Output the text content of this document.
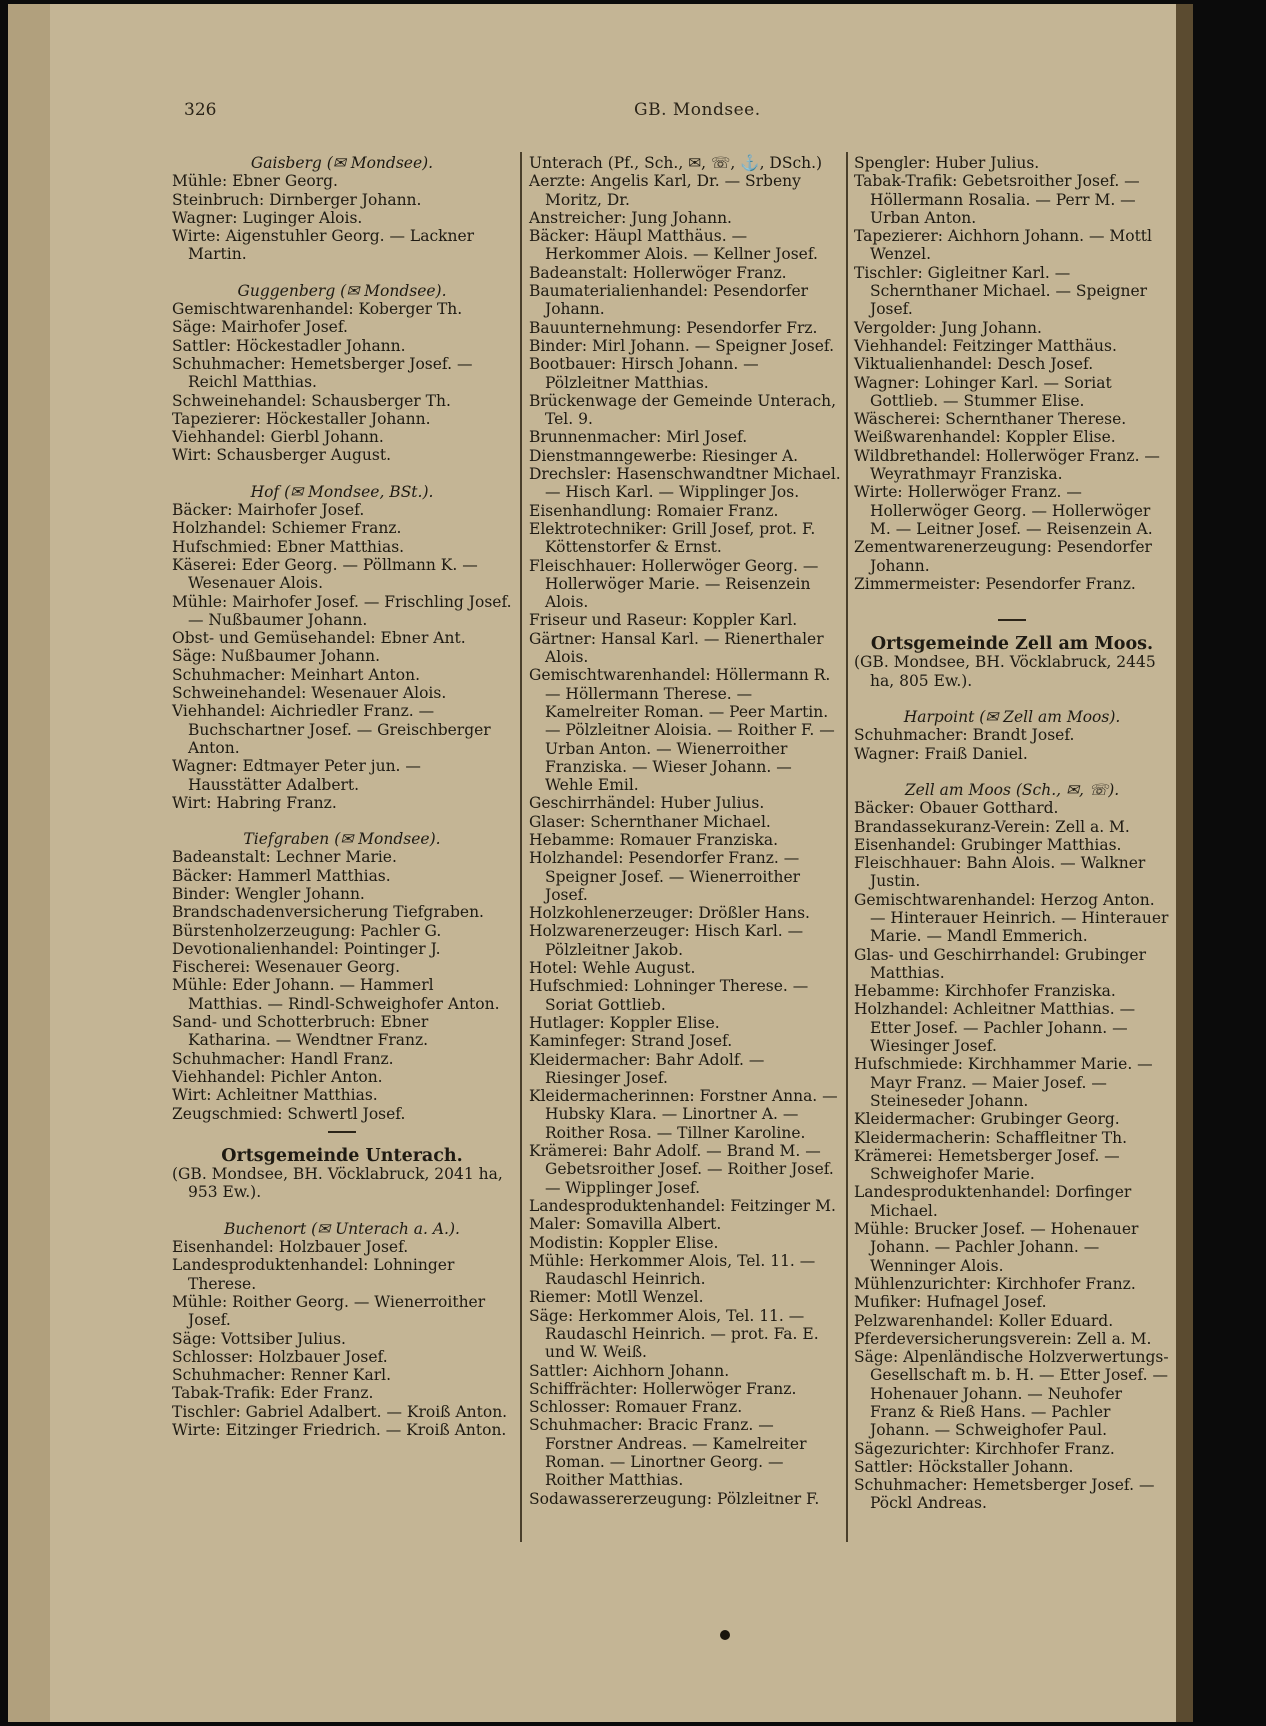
326	GB. Mondsee.

Gaisberg (✉ Mondsee).

Mühle: Ebner Georg.

Steinbruch: Dirnberger Johann.

Wagner: Luginger Alois.

Wirte: Aigenstuhler Georg. — Lackner Martin.

Guggenberg (✉ Mondsee).

Gemischtwarenhandel: Koberger Th.

Säge: Mairhofer Josef.

Sattler: Höckestadler Johann.

Schuhmacher: Hemetsberger Josef. — Reichl Matthias.

Schweinehandel: Schausberger Th.

Tapezierer: Höckestaller Johann.

Viehhandel: Gierbl Johann.

Wirt: Schausberger August.

Hof (✉ Mondsee, BSt.).

Bäcker: Mairhofer Josef.

Holzhandel: Schiemer Franz.

Hufschmied: Ebner Matthias.

Käserei: Eder Georg. — Pöllmann K. — Wesenauer Alois.

Mühle: Mairhofer Josef. — Frischling Josef. — Nußbaumer Johann.

Obst- und Gemüsehandel: Ebner Ant.

Säge: Nußbaumer Johann.

Schuhmacher: Meinhart Anton.

Schweinehandel: Wesenauer Alois.

Viehhandel: Aichriedler Franz. — Buchschartner Josef. — Greischberger Anton.

Wagner: Edtmayer Peter jun. — Hausstätter Adalbert.

Wirt: Habring Franz.

Tiefgraben (✉ Mondsee).

Badeanstalt: Lechner Marie.

Bäcker: Hammerl Matthias.

Binder: Wengler Johann.

Brandschadenversicherung Tiefgraben.

Bürstenholzerzeugung: Pachler G.

Devotionalienhandel: Pointinger J.

Fischerei: Wesenauer Georg.

Mühle: Eder Johann. — Hammerl Matthias. — Rindl-Schweighofer Anton.

Sand- und Schotterbruch: Ebner Katharina. — Wendtner Franz.

Schuhmacher: Handl Franz.

Viehhandel: Pichler Anton.

Wirt: Achleitner Matthias.

Zeugschmied: Schwertl Josef.

Ortsgemeinde Unterach.

(GB. Mondsee, BH. Vöcklabruck, 2041 ha, 953 Ew.).

Buchenort (✉ Unterach a. A.).

Eisenhandel: Holzbauer Josef.

Landesproduktenhandel: Lohninger Therese.

Mühle: Roither Georg. — Wienerroither Josef.

Säge: Vottsiber Julius.

Schlosser: Holzbauer Josef.

Schuhmacher: Renner Karl.

Tabak-Trafik: Eder Franz.

Tischler: Gabriel Adalbert. — Kroiß Anton.

Wirte: Eitzinger Friedrich. — Kroiß Anton.

Unterach (Pf., Sch., ✉, ☏, ⚓, DSch.)

Aerzte: Angelis Karl, Dr. — Srbeny Moritz, Dr.

Anstreicher: Jung Johann.

Bäcker: Häupl Matthäus. — Herkommer Alois. — Kellner Josef.

Badeanstalt: Hollerwöger Franz.

Baumaterialienhandel: Pesendorfer Johann.

Bauunternehmung: Pesendorfer Frz.

Binder: Mirl Johann. — Speigner Josef.

Bootbauer: Hirsch Johann. — Pölzleitner Matthias.

Brückenwage der Gemeinde Unterach, Tel. 9.

Brunnenmacher: Mirl Josef.

Dienstmanngewerbe: Riesinger A.

Drechsler: Hasenschwandtner Michael. — Hisch Karl. — Wipplinger Jos.

Eisenhandlung: Romaier Franz.

Elektrotechniker: Grill Josef, prot. F. Köttenstorfer & Ernst.

Fleischhauer: Hollerwöger Georg. — Hollerwöger Marie. — Reisenzein Alois.

Friseur und Raseur: Koppler Karl.

Gärtner: Hansal Karl. — Rienerthaler Alois.

Gemischtwarenhandel: Höllermann R. — Höllermann Therese. — Kamelreiter Roman. — Peer Martin. — Pölzleitner Aloisia. — Roither F. — Urban Anton. — Wienerroither Franziska. — Wieser Johann. — Wehle Emil.

Geschirrhändel: Huber Julius.

Glaser: Schernthaner Michael.

Hebamme: Romauer Franziska.

Holzhandel: Pesendorfer Franz. — Speigner Josef. — Wienerroither Josef.

Holzkohlenerzeuger: Drößler Hans.

Holzwarenerzeuger: Hisch Karl. — Pölzleitner Jakob.

Hotel: Wehle August.

Hufschmied: Lohninger Therese. — Soriat Gottlieb.

Hutlager: Koppler Elise.

Kaminfeger: Strand Josef.

Kleidermacher: Bahr Adolf. — Riesinger Josef.

Kleidermacherinnen: Forstner Anna. — Hubsky Klara. — Linortner A. — Roither Rosa. — Tillner Karoline.

Krämerei: Bahr Adolf. — Brand M. — Gebetsroither Josef. — Roither Josef. — Wipplinger Josef.

Landesproduktenhandel: Feitzinger M.

Maler: Somavilla Albert.

Modistin: Koppler Elise.

Mühle: Herkommer Alois, Tel. 11. — Raudaschl Heinrich.

Riemer: Motll Wenzel.

Säge: Herkommer Alois, Tel. 11. — Raudaschl Heinrich. — prot. Fa. E. und W. Weiß.

Sattler: Aichhorn Johann.

Schiffrächter: Hollerwöger Franz.

Schlosser: Romauer Franz.

Schuhmacher: Bracic Franz. — Forstner Andreas. — Kamelreiter Roman. — Linortner Georg. — Roither Matthias.

Sodawassererzeugung: Pölzleitner F.

Spengler: Huber Julius.

Tabak-Trafik: Gebetsroither Josef. — Höllermann Rosalia. — Perr M. — Urban Anton.

Tapezierer: Aichhorn Johann. — Mottl Wenzel.

Tischler: Gigleitner Karl. — Schernthaner Michael. — Speigner Josef.

Vergolder: Jung Johann.

Viehhandel: Feitzinger Matthäus.

Viktualienhandel: Desch Josef.

Wagner: Lohinger Karl. — Soriat Gottlieb. — Stummer Elise.

Wäscherei: Schernthaner Therese.

Weißwarenhandel: Koppler Elise.

Wildbrethandel: Hollerwöger Franz. — Weyrathmayr Franziska.

Wirte: Hollerwöger Franz. — Hollerwöger Georg. — Hollerwöger M. — Leitner Josef. — Reisenzein A.

Zementwarenerzeugung: Pesendorfer Johann.

Zimmermeister: Pesendorfer Franz.

Ortsgemeinde Zell am Moos.

(GB. Mondsee, BH. Vöcklabruck, 2445 ha, 805 Ew.).

Harpoint (✉ Zell am Moos).

Schuhmacher: Brandt Josef.

Wagner: Fraiß Daniel.

Zell am Moos (Sch., ✉, ☏).

Bäcker: Obauer Gotthard.

Brandassekuranz-Verein: Zell a. M.

Eisenhandel: Grubinger Matthias.

Fleischhauer: Bahn Alois. — Walkner Justin.

Gemischtwarenhandel: Herzog Anton. — Hinterauer Heinrich. — Hinterauer Marie. — Mandl Emmerich.

Glas- und Geschirrhandel: Grubinger Matthias.

Hebamme: Kirchhofer Franziska.

Holzhandel: Achleitner Matthias. — Etter Josef. — Pachler Johann. — Wiesinger Josef.

Hufschmiede: Kirchhammer Marie. — Mayr Franz. — Maier Josef. — Steineseder Johann.

Kleidermacher: Grubinger Georg.

Kleidermacherin: Schaffleitner Th.

Krämerei: Hemetsberger Josef. — Schweighofer Marie.

Landesproduktenhandel: Dorfinger Michael.

Mühle: Brucker Josef. — Hohenauer Johann. — Pachler Johann. — Wenninger Alois.

Mühlenzurichter: Kirchhofer Franz.

Mufiker: Hufnagel Josef.

Pelzwarenhandel: Koller Eduard.

Pferdeversicherungsverein: Zell a. M.

Säge: Alpenländische Holzverwertungs-Gesellschaft m. b. H. — Etter Josef. — Hohenauer Johann. — Neuhofer Franz & Rieß Hans. — Pachler Johann. — Schweighofer Paul.

Sägezurichter: Kirchhofer Franz.

Sattler: Höckstaller Johann.

Schuhmacher: Hemetsberger Josef. — Pöckl Andreas.
